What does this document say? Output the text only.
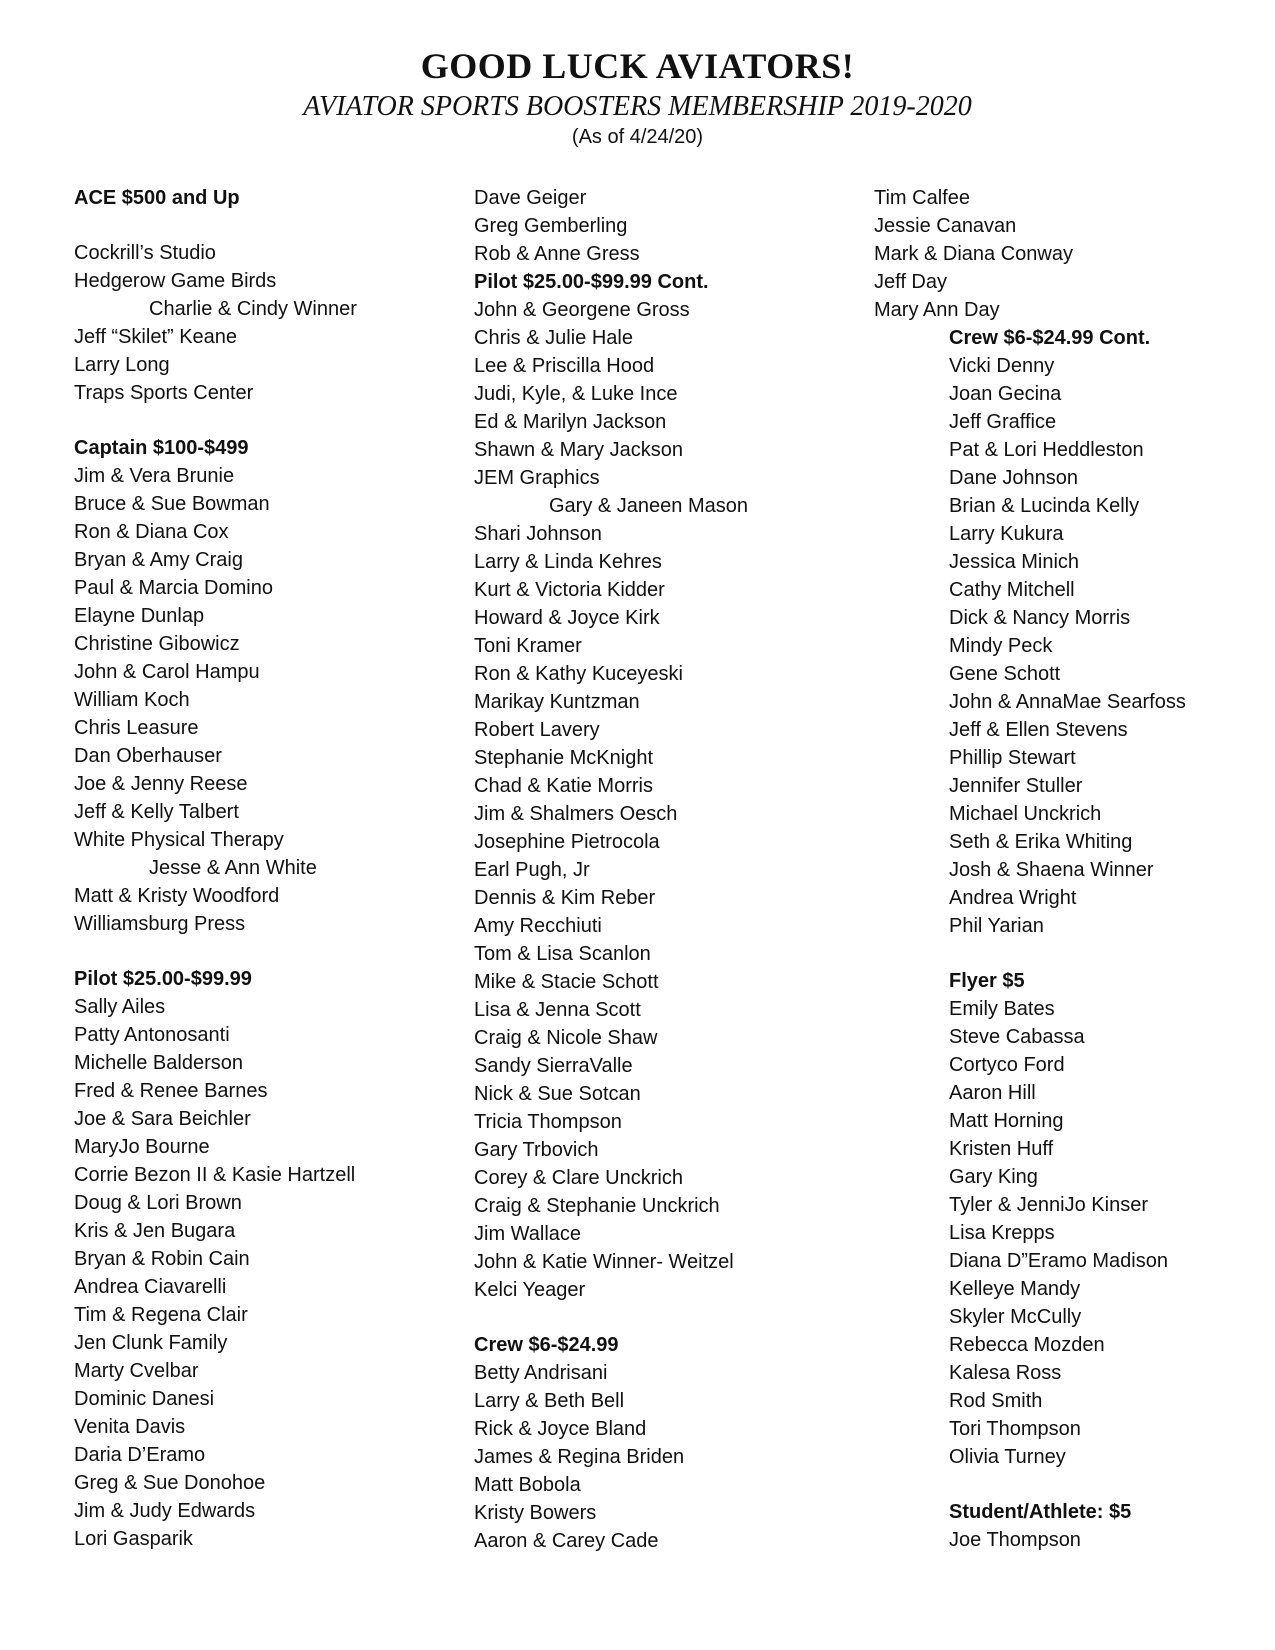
GOOD LUCK AVIATORS!
AVIATOR SPORTS BOOSTERS MEMBERSHIP 2019-2020
(As of 4/24/20)
ACE $500 and Up
Cockrill’s Studio
Hedgerow Game Birds
Charlie & Cindy Winner
Jeff “Skilet” Keane
Larry Long
Traps Sports Center
Captain $100-$499
Jim & Vera Brunie
Bruce & Sue Bowman
Ron & Diana Cox
Bryan & Amy Craig
Paul & Marcia Domino
Elayne Dunlap
Christine Gibowicz
John & Carol Hampu
William Koch
Chris Leasure
Dan Oberhauser
Joe & Jenny Reese
Jeff & Kelly Talbert
White Physical Therapy
Jesse & Ann White
Matt & Kristy Woodford
Williamsburg Press
Pilot $25.00-$99.99
Sally Ailes
Patty Antonosanti
Michelle Balderson
Fred & Renee Barnes
Joe & Sara Beichler
MaryJo Bourne
Corrie Bezon II & Kasie Hartzell
Doug & Lori Brown
Kris & Jen Bugara
Bryan & Robin Cain
Andrea Ciavarelli
Tim & Regena Clair
Jen Clunk Family
Marty Cvelbar
Dominic Danesi
Venita Davis
Daria D’Eramo
Greg & Sue Donohoe
Jim & Judy Edwards
Lori Gasparik
Dave Geiger
Greg Gemberling
Rob & Anne Gress
Pilot $25.00-$99.99 Cont.
John & Georgene Gross
Chris & Julie Hale
Lee & Priscilla Hood
Judi, Kyle, & Luke Ince
Ed & Marilyn Jackson
Shawn & Mary Jackson
JEM Graphics
Gary & Janeen Mason
Shari Johnson
Larry & Linda Kehres
Kurt & Victoria Kidder
Howard & Joyce Kirk
Toni Kramer
Ron & Kathy Kuceyeski
Marikay Kuntzman
Robert Lavery
Stephanie McKnight
Chad & Katie Morris
Jim & Shalmers Oesch
Josephine Pietrocola
Earl Pugh, Jr
Dennis & Kim Reber
Amy Recchiuti
Tom & Lisa Scanlon
Mike & Stacie Schott
Lisa & Jenna Scott
Craig & Nicole Shaw
Sandy SierraValle
Nick & Sue Sotcan
Tricia Thompson
Gary Trbovich
Corey & Clare Unckrich
Craig & Stephanie Unckrich
Jim Wallace
John & Katie Winner- Weitzel
Kelci Yeager
Crew $6-$24.99
Betty Andrisani
Larry & Beth Bell
Rick & Joyce Bland
James & Regina Briden
Matt Bobola
Kristy Bowers
Aaron & Carey Cade
Tim Calfee
Jessie Canavan
Mark & Diana Conway
Jeff Day
Mary Ann Day
Crew $6-$24.99 Cont.
Vicki Denny
Joan Gecina
Jeff Graffice
Pat & Lori Heddleston
Dane Johnson
Brian & Lucinda Kelly
Larry Kukura
Jessica Minich
Cathy Mitchell
Dick & Nancy Morris
Mindy Peck
Gene Schott
John & AnnaMae Searfoss
Jeff & Ellen Stevens
Phillip Stewart
Jennifer Stuller
Michael Unckrich
Seth & Erika Whiting
Josh & Shaena Winner
Andrea Wright
Phil Yarian
Flyer $5
Emily Bates
Steve Cabassa
Cortyco Ford
Aaron Hill
Matt Horning
Kristen Huff
Gary King
Tyler & JenniJo Kinser
Lisa Krepps
Diana D”Eramo Madison
Kelleye Mandy
Skyler McCully
Rebecca Mozden
Kalesa Ross
Rod Smith
Tori Thompson
Olivia Turney
Student/Athlete: $5
Joe Thompson
